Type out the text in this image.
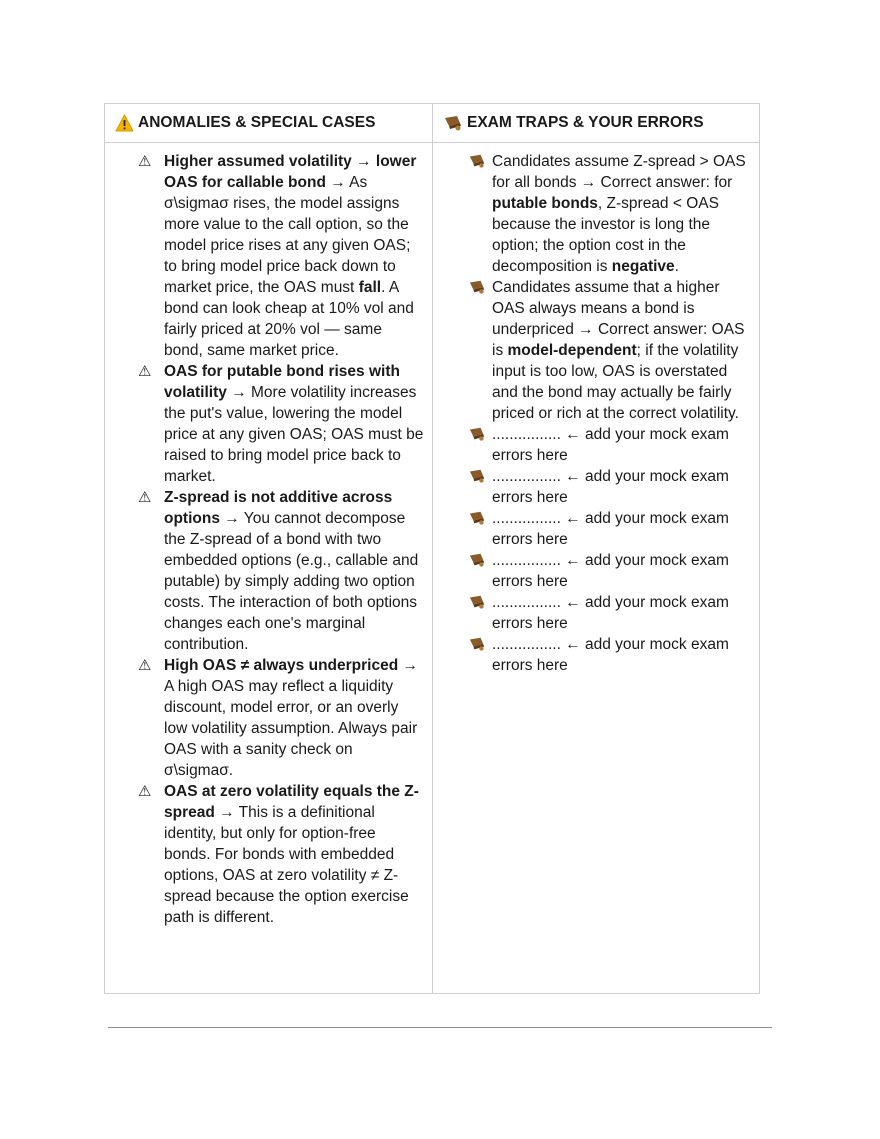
ANOMALIES & SPECIAL CASES	EXAM TRAPS & YOUR ERRORS
⚠ Higher assumed volatility → lower OAS for callable bond → As σ\sigmaσ rises, the model assigns more value to the call option, so the model price rises at any given OAS; to bring model price back down to market price, the OAS must fall. A bond can look cheap at 10% vol and fairly priced at 20% vol — same bond, same market price.
⚠ OAS for putable bond rises with volatility → More volatility increases the put's value, lowering the model price at any given OAS; OAS must be raised to bring model price back to market.
⚠ Z-spread is not additive across options → You cannot decompose the Z-spread of a bond with two embedded options (e.g., callable and putable) by simply adding two option costs. The interaction of both options changes each one's marginal contribution.
⚠ High OAS ≠ always underpriced → A high OAS may reflect a liquidity discount, model error, or an overly low volatility assumption. Always pair OAS with a sanity check on σ\sigmaσ.
⚠ OAS at zero volatility equals the Z-spread → This is a definitional identity, but only for option-free bonds. For bonds with embedded options, OAS at zero volatility ≠ Z-spread because the option exercise path is different.
Candidates assume Z-spread > OAS for all bonds → Correct answer: for putable bonds, Z-spread < OAS because the investor is long the option; the option cost in the decomposition is negative.
Candidates assume that a higher OAS always means a bond is underpriced → Correct answer: OAS is model-dependent; if the volatility input is too low, OAS is overstated and the bond may actually be fairly priced or rich at the correct volatility.
................ ← add your mock exam errors here
................ ← add your mock exam errors here
................ ← add your mock exam errors here
................ ← add your mock exam errors here
................ ← add your mock exam errors here
................ ← add your mock exam errors here
